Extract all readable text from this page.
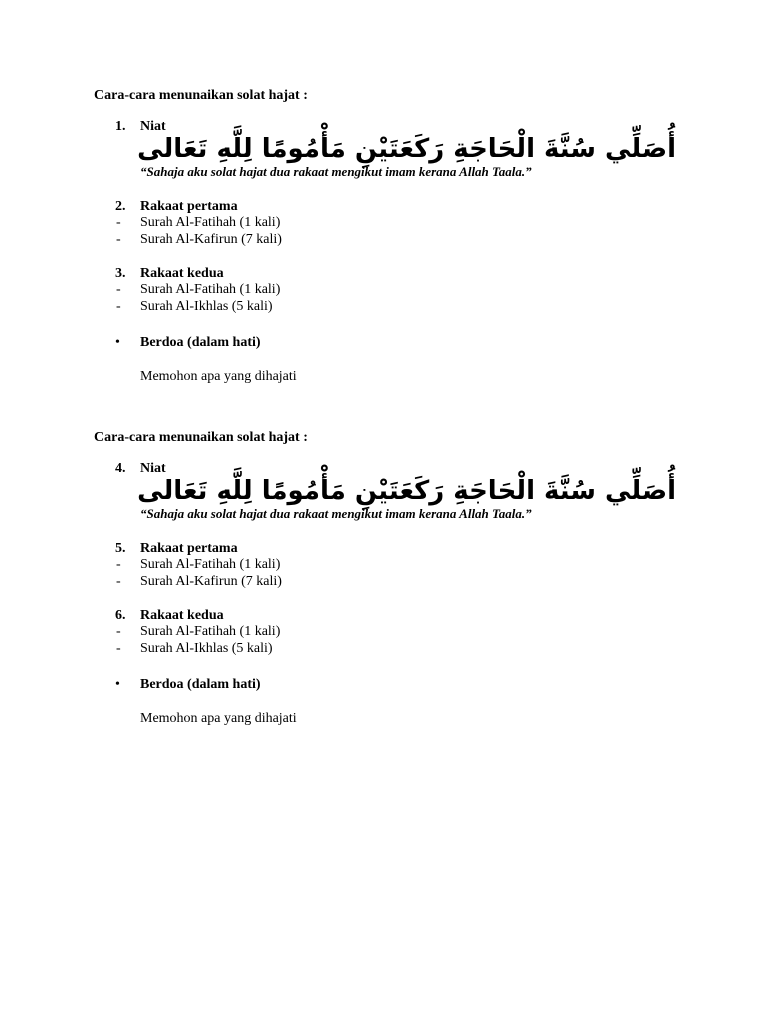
Cara-cara menunaikan solat hajat :
1. Niat
أُصَلِّي سُنَّةَ الْحَاجَةِ رَكَعَتَيْنِ مَأْمُومًا لِلَّهِ تَعَالى
“Sahaja aku solat hajat dua rakaat mengikut imam kerana Allah Taala.”
2. Rakaat pertama
- Surah Al-Fatihah (1 kali)
- Surah Al-Kafirun (7 kali)
3. Rakaat kedua
- Surah Al-Fatihah (1 kali)
- Surah Al-Ikhlas (5 kali)
• Berdoa (dalam hati)
Memohon apa yang dihajati
Cara-cara menunaikan solat hajat :
4. Niat
أُصَلِّي سُنَّةَ الْحَاجَةِ رَكَعَتَيْنِ مَأْمُومًا لِلَّهِ تَعَالى
“Sahaja aku solat hajat dua rakaat mengikut imam kerana Allah Taala.”
5. Rakaat pertama
- Surah Al-Fatihah (1 kali)
- Surah Al-Kafirun (7 kali)
6. Rakaat kedua
- Surah Al-Fatihah (1 kali)
- Surah Al-Ikhlas (5 kali)
• Berdoa (dalam hati)
Memohon apa yang dihajati
